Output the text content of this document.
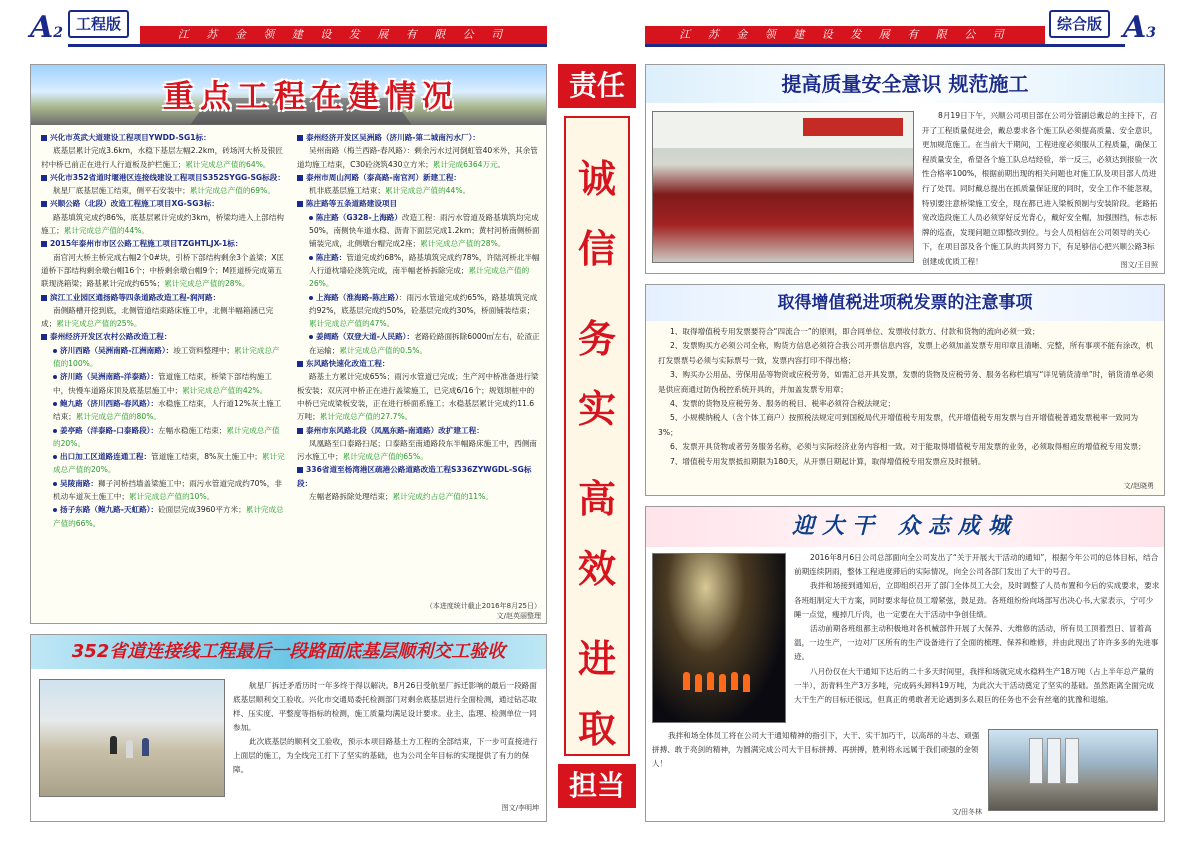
A2 工程版
江 苏 金 领 建 设 发 展 有 限 公 司	江 苏 金 领 建 设 发 展 有 限 公 司
综合版 A3
重点工程在建情况

兴化市英武大道建设工程项目YWDD-SG1标：

底基层累计完成3.6km，水稳下基层左幅2.2km，砖场河大桥及银匠村中桥已前正在进行人行道板及护栏施工；累计完成总产值的64%。

兴化市352省道时堰港区连接线建设工程项目S352SYGG-SG标段：

航星厂底基层施工结束，侧平石安装中；累计完成总产值的69%。

兴顺公路（北段）改造工程施工项目XG-SG3标：

路基填筑完成约86%，底基层累计完成约3km，桥梁均进入上部结构施工；累计完成总产值的44%。

2015年泰州市市区公路工程施工项目TZGHTLJX-1标：

南官河大桥主桥完成右幅2个0#块，引桥下部结构剩余3个盖梁；X匡道桥下部结构剩余墩台帽16个；中桥剩余墩台帽9个；M匝道桥完成第五联现浇箱梁；路基累计完成约65%；累计完成总产值的28%。

滨江工业园区通扬路等四条道路改造工程-润河路：

南侧路槽开挖到底，北侧管道结束路床施工中，北侧半幅箱涵已完成；累计完成总产值的25%。

泰州经济开发区农村公路改造工程：

济川西路（吴洲南路-江洲南路）：竣工资料整理中；累计完成总产值的100%。

济川路（吴洲南路-洋泰路）：管道施工结束，桥梁下部结构施工中，快慢车道路床顶及底基层施工中；累计完成总产值的42%。

鲍九路（济川西路-春风路）：水稳施工结束，人行道12%灰土施工结束；累计完成总产值的80%。

姜亭路（洋泰路-口泰路段）：左幅水稳施工结束；累计完成总产值的20%。

出口加工区道路连通工程：管道施工结束，8%灰土施工中；累计完成总产值的20%。

吴陵南路：狮子河桥挡墙盖梁施工中；雨污水管道完成约70%，非机动车道灰土施工中；累计完成总产值的10%。

扬子东路（鲍九路-天虹路）：砼面层完成3960平方米；累计完成总产值的66%。

泰州经济开发区吴洲路（济川路-第二城南污水厂）：

吴州南路（梅兰西路-春风路）：剩余污水过河倒虹管40米外，其余管道均施工结束，C30砼浇筑430立方米；累计完成6364万元。

泰州市周山河路（泰高路-南官河）新建工程：

机非底基层施工结束；累计完成总产值的44%。

陈庄路等五条道路建设项目

陈庄路（G328-上海路）改造工程：雨污水管道及路基填筑均完成50%，南侧快车道水稳、沥青下面层完成1.2km；黄村河桥南侧桥面铺装完成，北侧墩台帽完成2座；累计完成总产值的28%。

陈庄路：管道完成约68%，路基填筑完成约78%，许陆河桥北半幅人行道枕墙砼浇筑完成，南半幅老桥拆除完成；累计完成总产值的26%。

上海路（淮海路-陈庄路）：雨污水管道完成约65%，路基填筑完成约92%，底基层完成约50%，砼基层完成约30%，桥面铺装结束；累计完成总产值的47%。

姜阔路（双登大道-人民路）：老路砼路面拆除6000㎡左右，砼渣正在运输；累计完成总产值的0.5%。

东风路快速化改造工程：

路基土方累计完成65%；雨污水管道已完成；生产河中桥准备进行梁板安装；双庆河中桥正在进行盖梁施工，已完成6/16个；规划坝桩中的中桥已完成梁板安装，正在进行桥面系施工；水稳基层累计完成约11.6万吨；累计完成总产值的27.7%。

泰州市东风路北段（凤凰东路-南通路）改扩建工程：

凤凰路至口泰路扫尾；口泰路至南通路段东半幅路床施工中，西侧南污水施工中；累计完成总产值的65%。

336省道至杨湾港区疏港公路道路改造工程S336ZYWGDL-SG标段：

左幅老路拆除处理结束；累计完成约占总产值的11%。

（本进度统计截止2016年8月25日）
文/赵英丽整理
352省道连接线工程最后一段路面底基层顺利交工验收

航星厂拆迁矛盾历时一年多终于得以解决。8月26日受航星厂拆迁影响的最后一段路面底基层顺利交工验收。兴化市交通局委托检测部门对剩余底基层进行全面检测，通过钻芯取样、压实度、平整度等指标的检测，施工质量均满足设计要求。业主、监理、检测单位一同参加。

此次底基层的顺利交工验收，预示本项目路基土方工程的全部结束，下一步可直接进行上面层的施工，为全线完工打下了坚实的基础，也为公司全年目标的实现提供了有力的保障。

图文/李明坤
责任
诚
信
务
实
高
效
进
取
担当
提高质量安全意识 规范施工

8月19日下午，兴顺公司项目部在公司分管副总戴总的主持下，召开了工程质量促进会，戴总要求各个施工队必须提高质量、安全意识，更加规范施工。在当前大干期间，工程进度必须服从工程质量，确保工程质量安全，希望各个施工队总结经验，举一反三，必须达到报验一次性合格率100%，根据前期出现的相关问题也对施工队及项目部人员进行了处罚。同时戴总提出在抓质量保证度的同时，安全工作不能忽视，特别要注意桥梁施工安全，现在都已进入梁板预制与安装阶段。老路拓宽改造段施工人员必须穿好反光背心，戴好安全帽，加强围挡，标志标牌的巡查，发现问题立即整改到位。与会人员相信在公司领导的关心下，在项目部及各个施工队的共同努力下，有足够信心把兴顺公路3标创建成优质工程！	图文/王目照
取得增值税进项税发票的注意事项

1、取得增值税专用发票要符合“四流合一”的原则，即合同单位、发票收付款方、付款和货物的流向必须一致；

2、发票购买方必须公司全称，购货方信息必须符合我公司开票信息内容，发票上必须加盖发票专用印章且清晰、完整，所有事项不能有涂改，机打发票票号必须与实际票号一致，发票内容打印不得出格；

3、购买办公用品、劳保用品等物资或应税劳务，如需汇总开具发票，发票的货物及应税劳务、服务名称栏填写“详见销货清单”时，销货清单必须是供应商通过防伪税控系统开具的，并加盖发票专用章；

4、发票的货物及应税劳务、服务的税目、税率必须符合税法规定；

5、小规模纳税人（含个体工商户）按照税法规定可到国税局代开增值税专用发票，代开增值税专用发票与自开增值税普通发票税率一致同为3%；

6、发票开具货物或者劳务服务名称，必须与实际经济业务内容相一致。对于能取得增值税专用发票的业务，必须取得相应的增值税专用发票；

7、增值税专用发票抵扣期限为180天，从开票日期起计算，取得增值税专用发票应及时报销。

文/赵晓勇
迎大干 众志成城

2016年8月6日公司总部面向全公司发出了“关于开展大干活动的通知”，根据今年公司的总体目标，结合前期连续阴雨，整体工程进度滞后的实际情况，向全公司各部门发出了大干的号召。

我拌和场接到通知后，立即组织召开了部门全体员工大会，及时调整了人员布置和今后的实成要求，要求各班组制定大干方案，同时要求每位员工增紧弦，鼓足劲。各班组纷纷向场部写出决心书,大家表示，宁可少睡一点觉，瘦掉几斤肉，也一定要在大干活动中争创佳绩。

活动前期各班组都主动积极地对各机械部件开展了大保养、大维修的活动，所有员工顶着烈日、冒着高温，一边生产，一边对厂区所有的生产设备进行了全面的梳理、保养和维修，并由此现出了许许多多的先进事迹。

八月份仅在大干通知下达后的二十多天时间里，我拌和场就完成水稳料生产18万吨（占上半年总产量的一半），沥青料生产3万多吨，完成码头卸料19万吨，为此次大干活动奠定了坚实的基础。虽然距离全面完成大干生产的目标还很远，但真正的勇敢者无论遇到多么艰巨的任务也不会有丝毫的犹豫和退缩。

我拌和场全体员工将在公司大干通知精神的指引下，大干、实干加巧干，以高昂的斗志、顽强拼搏、敢于亮剑的精神，为圆满完成公司大干目标拼搏、再拼搏，胜利将永远属于我们顽强的金领人！

文/田冬林
